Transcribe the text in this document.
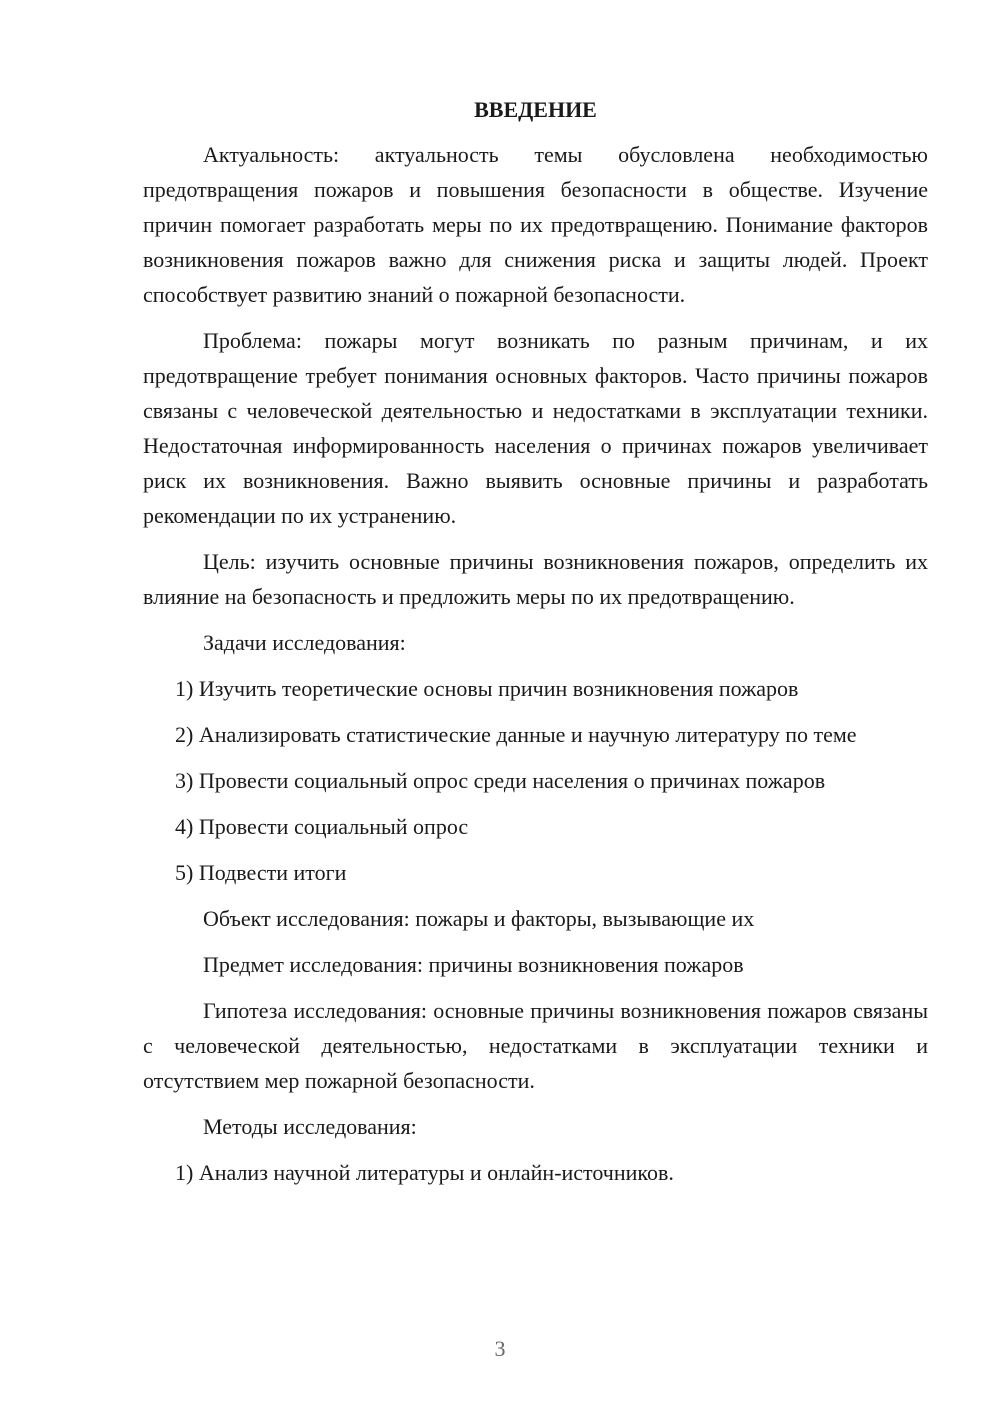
ВВЕДЕНИЕ

Актуальность: актуальность темы обусловлена необходимостью предотвращения пожаров и повышения безопасности в обществе. Изучение причин помогает разработать меры по их предотвращению. Понимание факторов возникновения пожаров важно для снижения риска и защиты людей. Проект способствует развитию знаний о пожарной безопасности.

Проблема: пожары могут возникать по разным причинам, и их предотвращение требует понимания основных факторов. Часто причины пожаров связаны с человеческой деятельностью и недостатками в эксплуатации техники. Недостаточная информированность населения о причинах пожаров увеличивает риск их возникновения. Важно выявить основные причины и разработать рекомендации по их устранению.

Цель: изучить основные причины возникновения пожаров, определить их влияние на безопасность и предложить меры по их предотвращению.

Задачи исследования:

1) Изучить теоретические основы причин возникновения пожаров

2) Анализировать статистические данные и научную литературу по теме

3) Провести социальный опрос среди населения о причинах пожаров

4) Провести социальный опрос

5) Подвести итоги

Объект исследования: пожары и факторы, вызывающие их

Предмет исследования: причины возникновения пожаров

Гипотеза исследования: основные причины возникновения пожаров связаны с человеческой деятельностью, недостатками в эксплуатации техники и отсутствием мер пожарной безопасности.

Методы исследования:

1) Анализ научной литературы и онлайн-источников.

3
